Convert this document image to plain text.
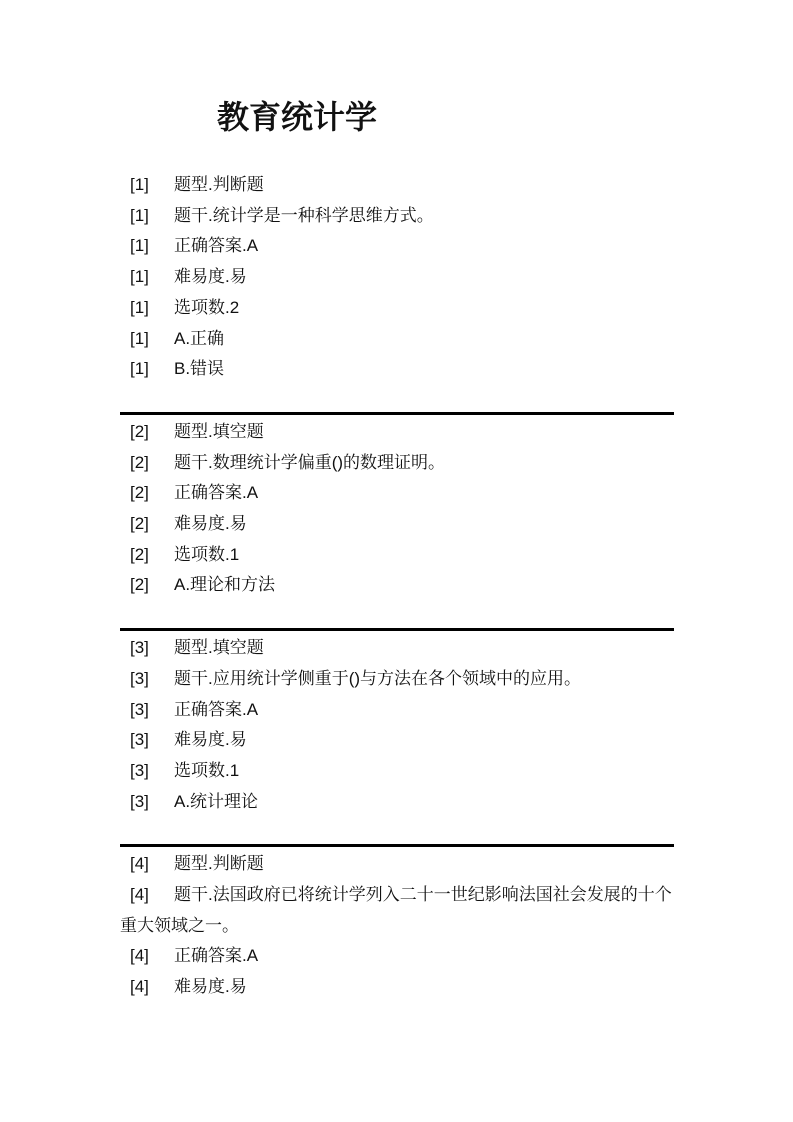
教育统计学

[1] 题型.判断题

[1] 题干.统计学是一种科学思维方式。

[1] 正确答案.A

[1] 难易度.易

[1] 选项数.2

[1] A.正确

[1] B.错误

[2] 题型.填空题

[2] 题干.数理统计学偏重()的数理证明。

[2] 正确答案.A

[2] 难易度.易

[2] 选项数.1

[2] A.理论和方法

[3] 题型.填空题

[3] 题干.应用统计学侧重于()与方法在各个领域中的应用。

[3] 正确答案.A

[3] 难易度.易

[3] 选项数.1

[3] A.统计理论

[4] 题型.判断题

[4] 题干.法国政府已将统计学列入二十一世纪影响法国社会发展的十个重大领域之一。

[4] 正确答案.A

[4] 难易度.易
